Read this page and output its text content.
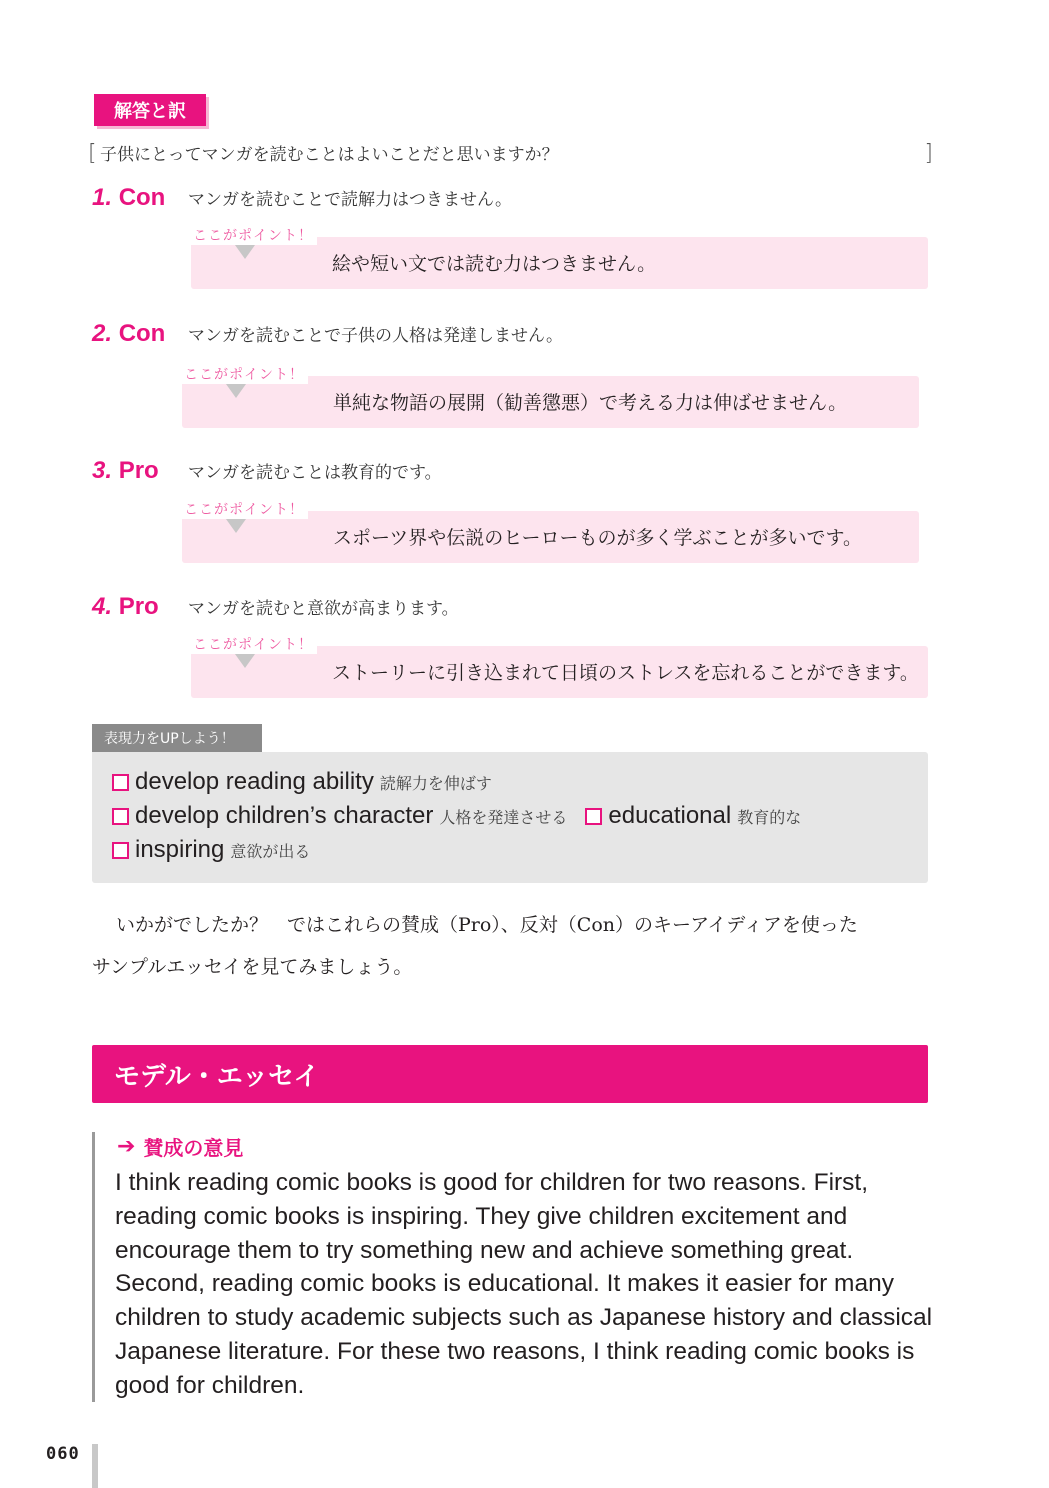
解答と訳
[ 子供にとってマンガを読むことはよいことだと思いますか？	]
1. Con	マンガを読むことで読解力はつきません。
ここがポイント！
絵や短い文では読む力はつきません。
2. Con	マンガを読むことで子供の人格は発達しません。
ここがポイント！
単純な物語の展開（勧善懲悪）で考える力は伸ばせません。
3. Pro	マンガを読むことは教育的です。
ここがポイント！
スポーツ界や伝説のヒーローものが多く学ぶことが多いです。
4. Pro	マンガを読むと意欲が高まります。
ここがポイント！
ストーリーに引き込まれて日頃のストレスを忘れることができます。
表現力をUPしよう！
develop reading ability 読解力を伸ばす
develop children’s character 人格を発達させる
educational 教育的な
inspiring 意欲が出る
いかがでしたか？　ではこれらの賛成（Pro）、反対（Con）のキーアイディアを使った
サンプルエッセイを見てみましょう。
モデル・エッセイ
➔ 賛成の意見
I think reading comic books is good for children for two reasons. First, reading comic books is inspiring. They give children excitement and encourage them to try something new and achieve something great. Second, reading comic books is educational. It makes it easier for many children to study academic subjects such as Japanese history and classical Japanese literature. For these two reasons, I think reading comic books is good for children.
060
